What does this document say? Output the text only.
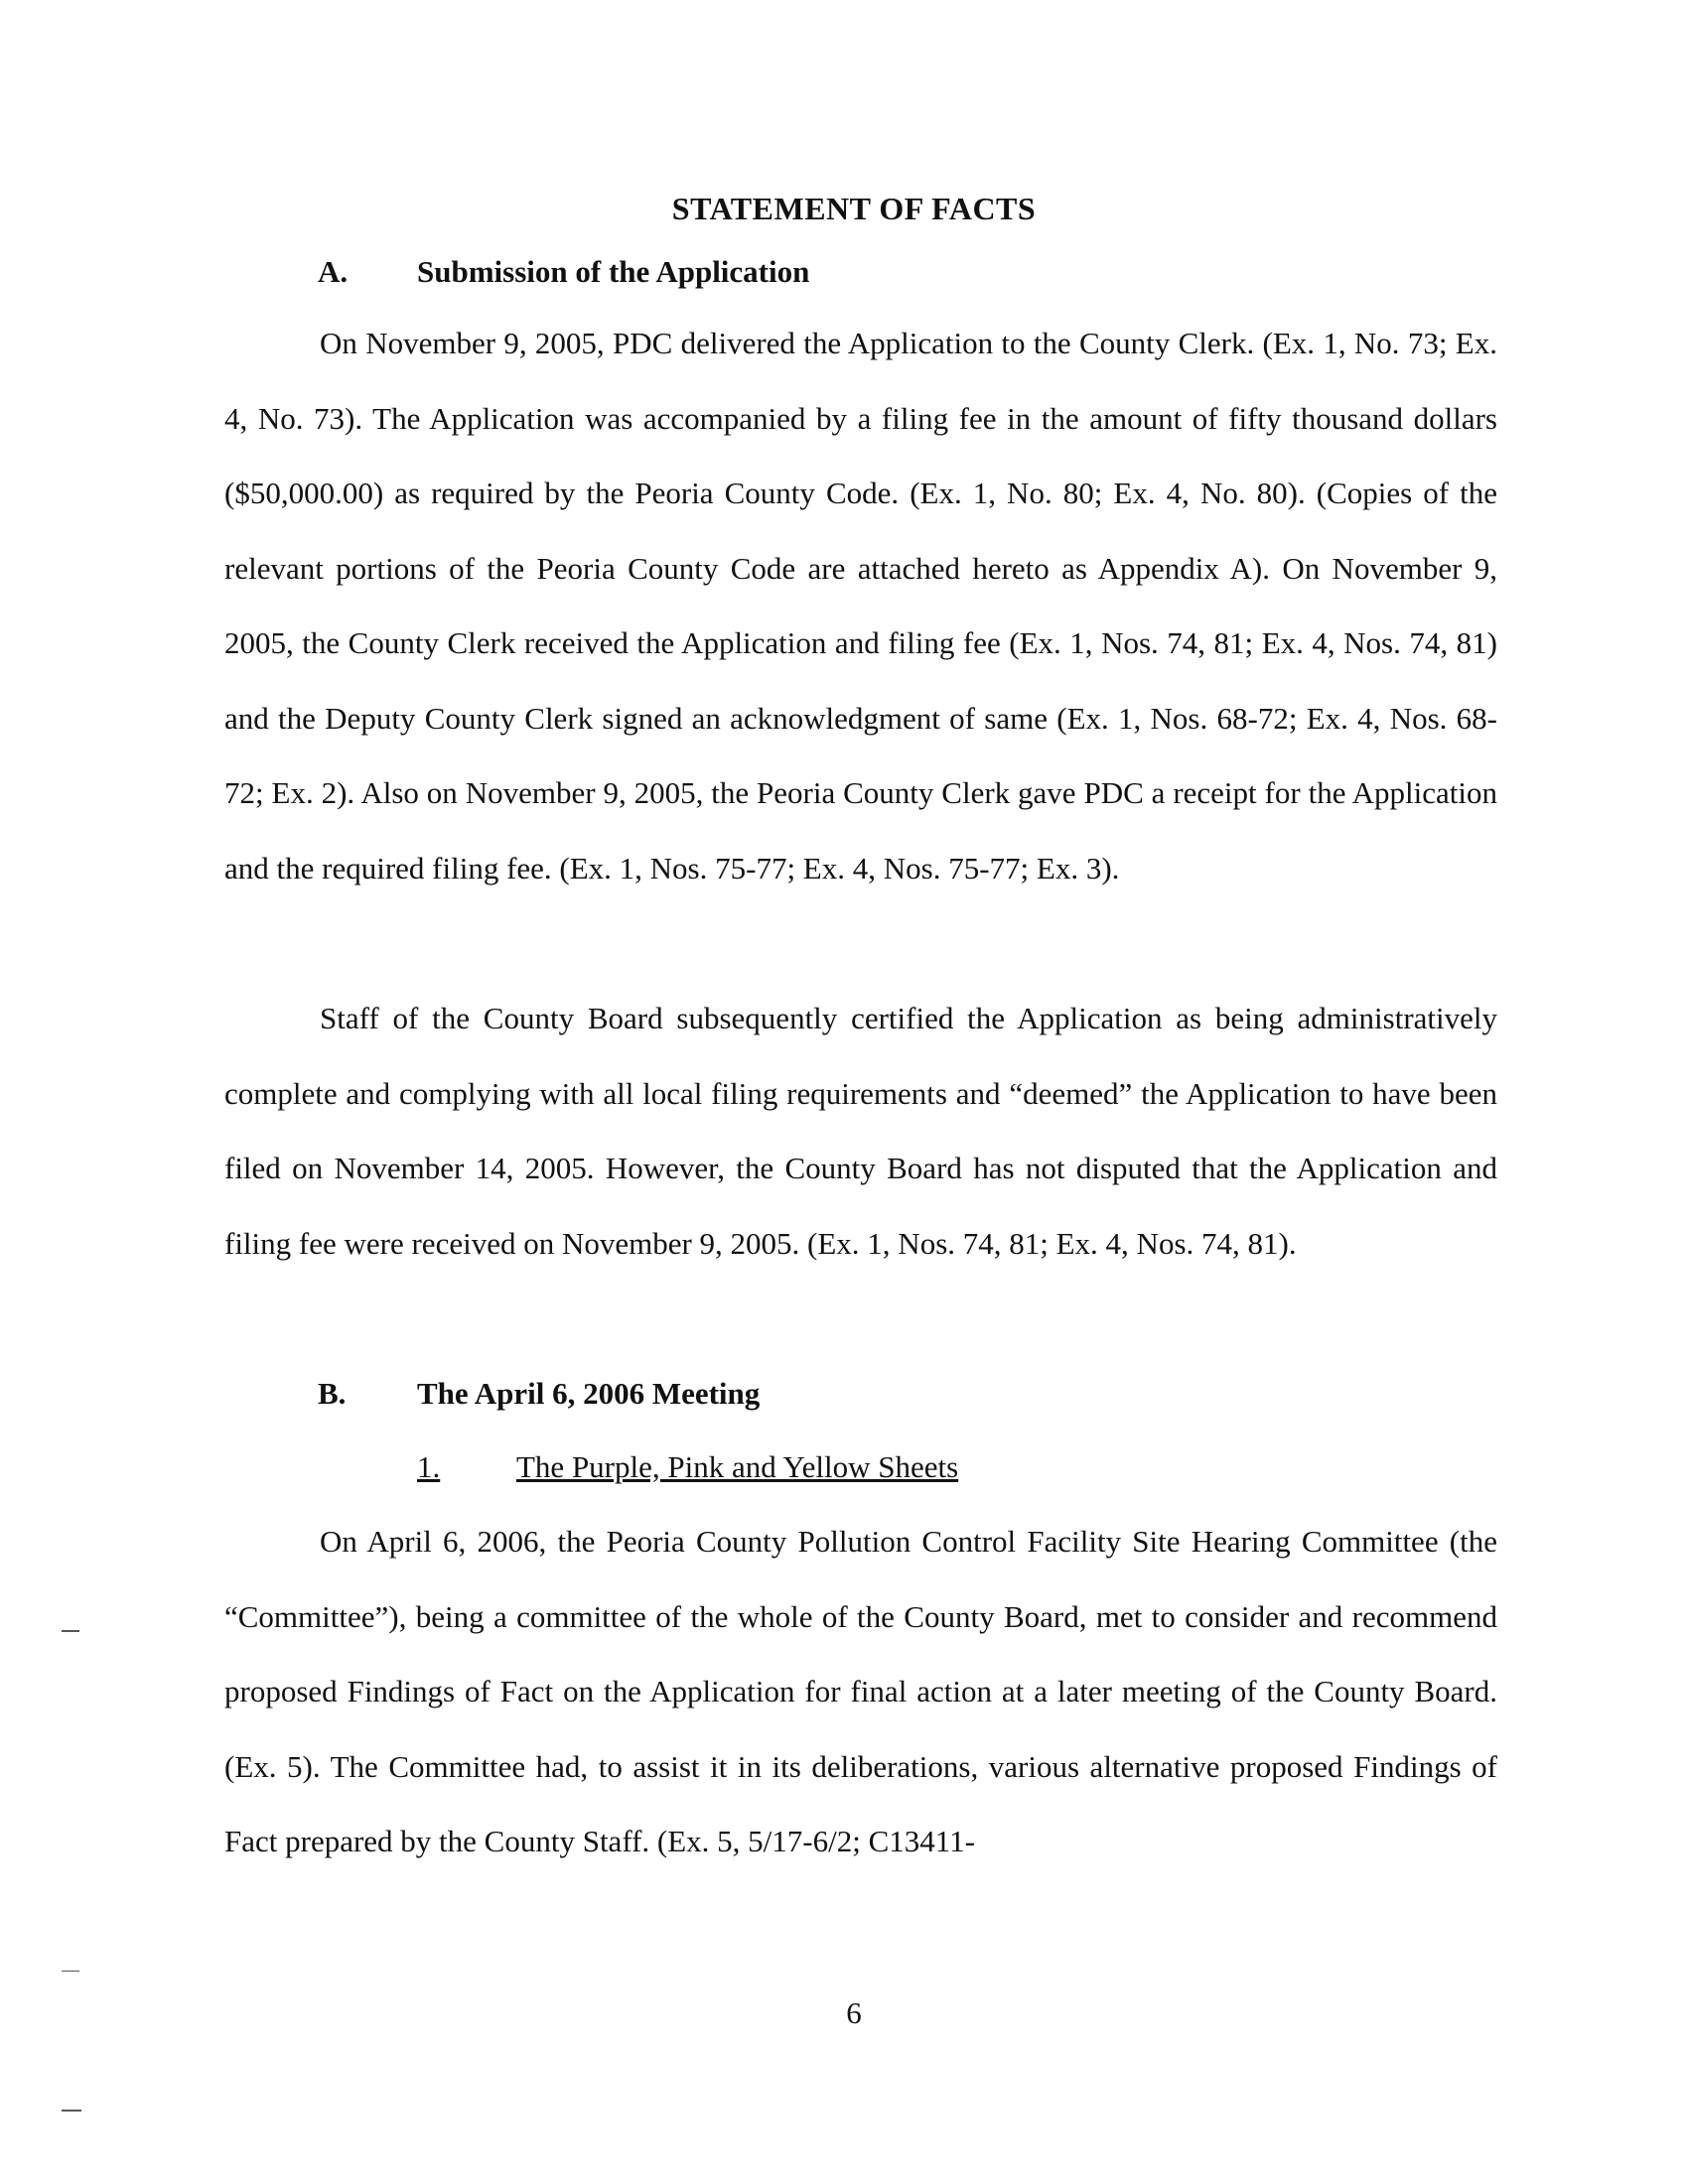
STATEMENT OF FACTS
A. Submission of the Application
On November 9, 2005, PDC delivered the Application to the County Clerk. (Ex. 1, No. 73; Ex. 4, No. 73). The Application was accompanied by a filing fee in the amount of fifty thousand dollars ($50,000.00) as required by the Peoria County Code. (Ex. 1, No. 80; Ex. 4, No. 80). (Copies of the relevant portions of the Peoria County Code are attached hereto as Appendix A). On November 9, 2005, the County Clerk received the Application and filing fee (Ex. 1, Nos. 74, 81; Ex. 4, Nos. 74, 81) and the Deputy County Clerk signed an acknowledgment of same (Ex. 1, Nos. 68-72; Ex. 4, Nos. 68-72; Ex. 2). Also on November 9, 2005, the Peoria County Clerk gave PDC a receipt for the Application and the required filing fee. (Ex. 1, Nos. 75-77; Ex. 4, Nos. 75-77; Ex. 3).
Staff of the County Board subsequently certified the Application as being administratively complete and complying with all local filing requirements and “deemed” the Application to have been filed on November 14, 2005. However, the County Board has not disputed that the Application and filing fee were received on November 9, 2005. (Ex. 1, Nos. 74, 81; Ex. 4, Nos. 74, 81).
B. The April 6, 2006 Meeting
1. The Purple, Pink and Yellow Sheets
On April 6, 2006, the Peoria County Pollution Control Facility Site Hearing Committee (the “Committee”), being a committee of the whole of the County Board, met to consider and recommend proposed Findings of Fact on the Application for final action at a later meeting of the County Board. (Ex. 5). The Committee had, to assist it in its deliberations, various alternative proposed Findings of Fact prepared by the County Staff. (Ex. 5, 5/17-6/2; C13411-
6
